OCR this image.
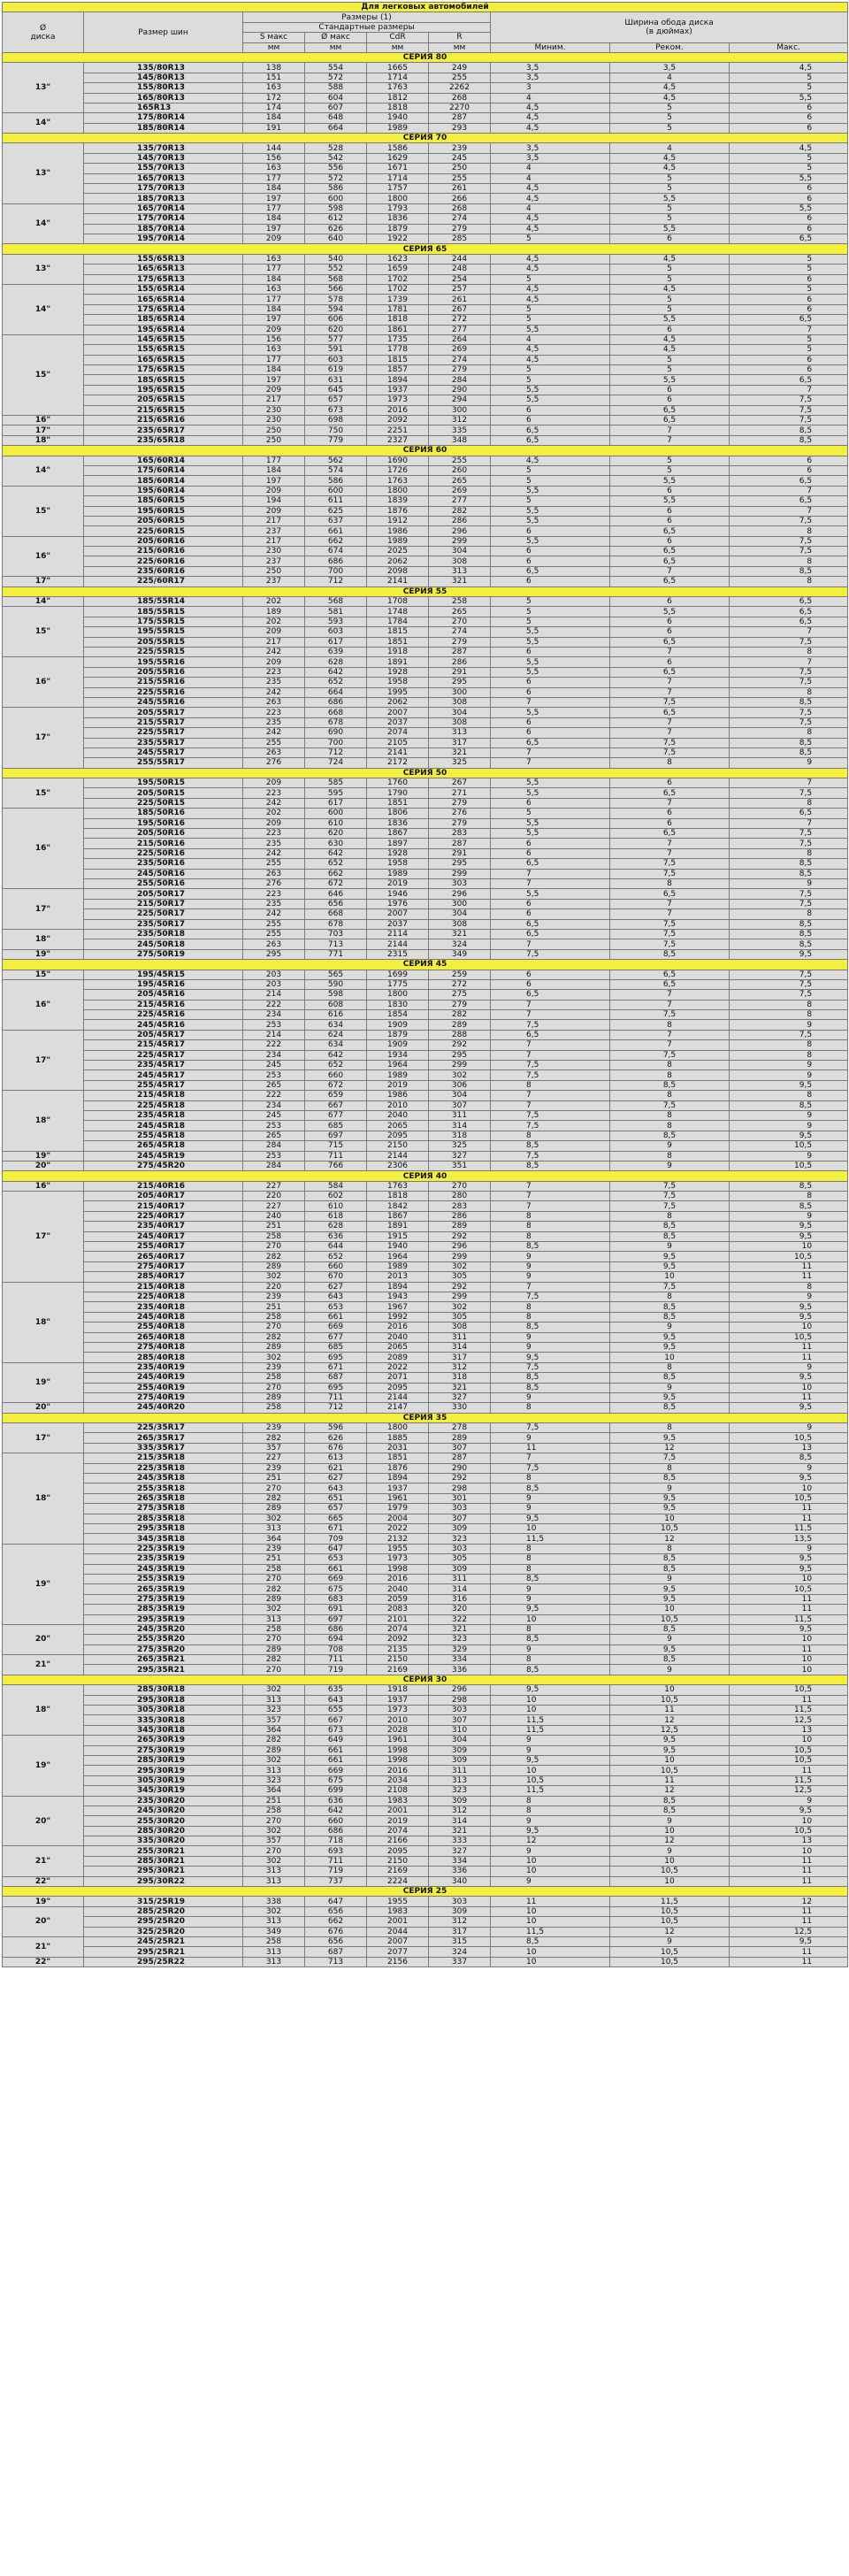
Для легковых автомобилей								
Ø
диска	Размер шин	Размеры (1)				Ширина обода диска
(в дюймах)		
		Стандартные размеры						
		S макс	Ø макс	CdR	R			
		мм	мм	мм	мм	Миним.	Реком.	Макс.
СЕРИЯ 80								
13"	135/80R13	138	554	1665	249	3,5	3,5	4,5
	145/80R13	151	572	1714	255	3,5	4	5
	155/80R13	163	588	1763	2262	3	4,5	5
	165/80R13	172	604	1812	268	4	4,5	5,5
	165R13	174	607	1818	2270	4,5	5	6
14"	175/80R14	184	648	1940	287	4,5	5	6
	185/80R14	191	664	1989	293	4,5	5	6
СЕРИЯ 70								
13"	135/70R13	144	528	1586	239	3,5	4	4,5
	145/70R13	156	542	1629	245	3,5	4,5	5
	155/70R13	163	556	1671	250	4	4,5	5
	165/70R13	177	572	1714	255	4	5	5,5
	175/70R13	184	586	1757	261	4,5	5	6
	185/70R13	197	600	1800	266	4,5	5,5	6
14"	165/70R14	177	598	1793	268	4	5	5,5
	175/70R14	184	612	1836	274	4,5	5	6
	185/70R14	197	626	1879	279	4,5	5,5	6
	195/70R14	209	640	1922	285	5	6	6,5
СЕРИЯ 65								
13"	155/65R13	163	540	1623	244	4,5	4,5	5
	165/65R13	177	552	1659	248	4,5	5	5
	175/65R13	184	568	1702	254	5	5	6
14"	155/65R14	163	566	1702	257	4,5	4,5	5
	165/65R14	177	578	1739	261	4,5	5	6
	175/65R14	184	594	1781	267	5	5	6
	185/65R14	197	606	1818	272	5	5,5	6,5
	195/65R14	209	620	1861	277	5,5	6	7
15"	145/65R15	156	577	1735	264	4	4,5	5
	155/65R15	163	591	1778	269	4,5	4,5	5
	165/65R15	177	603	1815	274	4,5	5	6
	175/65R15	184	619	1857	279	5	5	6
	185/65R15	197	631	1894	284	5	5,5	6,5
	195/65R15	209	645	1937	290	5,5	6	7
	205/65R15	217	657	1973	294	5,5	6	7,5
	215/65R15	230	673	2016	300	6	6,5	7,5
16"	215/65R16	230	698	2092	312	6	6,5	7,5
17"	235/65R17	250	750	2251	335	6,5	7	8,5
18"	235/65R18	250	779	2327	348	6,5	7	8,5
СЕРИЯ 60								
14"	165/60R14	177	562	1690	255	4,5	5	6
	175/60R14	184	574	1726	260	5	5	6
	185/60R14	197	586	1763	265	5	5,5	6,5
15"	195/60R14	209	600	1800	269	5,5	6	7
	185/60R15	194	611	1839	277	5	5,5	6,5
	195/60R15	209	625	1876	282	5,5	6	7
	205/60R15	217	637	1912	286	5,5	6	7,5
	225/60R15	237	661	1986	296	6	6,5	8
16"	205/60R16	217	662	1989	299	5,5	6	7,5
	215/60R16	230	674	2025	304	6	6,5	7,5
	225/60R16	237	686	2062	308	6	6,5	8
	235/60R16	250	700	2098	313	6,5	7	8,5
17"	225/60R17	237	712	2141	321	6	6,5	8
СЕРИЯ 55								
14"	185/55R14	202	568	1708	258	5	6	6,5
15"	185/55R15	189	581	1748	265	5	5,5	6,5
	175/55R15	202	593	1784	270	5	6	6,5
	195/55R15	209	603	1815	274	5,5	6	7
	205/55R15	217	617	1851	279	5,5	6,5	7,5
	225/55R15	242	639	1918	287	6	7	8
16"	195/55R16	209	628	1891	286	5,5	6	7
	205/55R16	223	642	1928	291	5,5	6,5	7,5
	215/55R16	235	652	1958	295	6	7	7,5
	225/55R16	242	664	1995	300	6	7	8
	245/55R16	263	686	2062	308	7	7,5	8,5
17"	205/55R17	223	668	2007	304	5,5	6,5	7,5
	215/55R17	235	678	2037	308	6	7	7,5
	225/55R17	242	690	2074	313	6	7	8
	235/55R17	255	700	2105	317	6,5	7,5	8,5
	245/55R17	263	712	2141	321	7	7,5	8,5
	255/55R17	276	724	2172	325	7	8	9
СЕРИЯ 50								
15"	195/50R15	209	585	1760	267	5,5	6	7
	205/50R15	223	595	1790	271	5,5	6,5	7,5
	225/50R15	242	617	1851	279	6	7	8
16"	185/50R16	202	600	1806	276	5	6	6,5
	195/50R16	209	610	1836	279	5,5	6	7
	205/50R16	223	620	1867	283	5,5	6,5	7,5
	215/50R16	235	630	1897	287	6	7	7,5
	225/50R16	242	642	1928	291	6	7	8
	235/50R16	255	652	1958	295	6,5	7,5	8,5
	245/50R16	263	662	1989	299	7	7,5	8,5
	255/50R16	276	672	2019	303	7	8	9
17"	205/50R17	223	646	1946	296	5,5	6,5	7,5
	215/50R17	235	656	1976	300	6	7	7,5
	225/50R17	242	668	2007	304	6	7	8
	235/50R17	255	678	2037	308	6,5	7,5	8,5
18"	235/50R18	255	703	2114	321	6,5	7,5	8,5
	245/50R18	263	713	2144	324	7	7,5	8,5
19"	275/50R19	295	771	2315	349	7,5	8,5	9,5
СЕРИЯ 45								
15"	195/45R15	203	565	1699	259	6	6,5	7,5
16"	195/45R16	203	590	1775	272	6	6,5	7,5
	205/45R16	214	598	1800	275	6,5	7	7,5
	215/45R16	222	608	1830	279	7	7	8
	225/45R16	234	616	1854	282	7	7,5	8
	245/45R16	253	634	1909	289	7,5	8	9
17"	205/45R17	214	624	1879	288	6,5	7	7,5
	215/45R17	222	634	1909	292	7	7	8
	225/45R17	234	642	1934	295	7	7,5	8
	235/45R17	245	652	1964	299	7,5	8	9
	245/45R17	253	660	1989	302	7,5	8	9
	255/45R17	265	672	2019	306	8	8,5	9,5
18"	215/45R18	222	659	1986	304	7	8	8
	225/45R18	234	667	2010	307	7	7,5	8,5
	235/45R18	245	677	2040	311	7,5	8	9
	245/45R18	253	685	2065	314	7,5	8	9
	255/45R18	265	697	2095	318	8	8,5	9,5
	265/45R18	284	715	2150	325	8,5	9	10,5
19"	245/45R19	253	711	2144	327	7,5	8	9
20"	275/45R20	284	766	2306	351	8,5	9	10,5
СЕРИЯ 40								
16"	215/40R16	227	584	1763	270	7	7,5	8,5
17"	205/40R17	220	602	1818	280	7	7,5	8
	215/40R17	227	610	1842	283	7	7,5	8,5
	225/40R17	240	618	1867	286	8	8	9
	235/40R17	251	628	1891	289	8	8,5	9,5
	245/40R17	258	636	1915	292	8	8,5	9,5
	255/40R17	270	644	1940	296	8,5	9	10
	265/40R17	282	652	1964	299	9	9,5	10,5
	275/40R17	289	660	1989	302	9	9,5	11
	285/40R17	302	670	2013	305	9	10	11
18"	215/40R18	220	627	1894	292	7	7,5	8
	225/40R18	239	643	1943	299	7,5	8	9
	235/40R18	251	653	1967	302	8	8,5	9,5
	245/40R18	258	661	1992	305	8	8,5	9,5
	255/40R18	270	669	2016	308	8,5	9	10
	265/40R18	282	677	2040	311	9	9,5	10,5
	275/40R18	289	685	2065	314	9	9,5	11
	285/40R18	302	695	2089	317	9,5	10	11
19"	235/40R19	239	671	2022	312	7,5	8	9
	245/40R19	258	687	2071	318	8,5	8,5	9,5
	255/40R19	270	695	2095	321	8,5	9	10
	275/40R19	289	711	2144	327	9	9,5	11
20"	245/40R20	258	712	2147	330	8	8,5	9,5
СЕРИЯ 35								
17"	225/35R17	239	596	1800	278	7,5	8	9
	265/35R17	282	626	1885	289	9	9,5	10,5
	335/35R17	357	676	2031	307	11	12	13
18"	215/35R18	227	613	1851	287	7	7,5	8,5
	225/35R18	239	621	1876	290	7,5	8	9
	245/35R18	251	627	1894	292	8	8,5	9,5
	255/35R18	270	643	1937	298	8,5	9	10
	265/35R18	282	651	1961	301	9	9,5	10,5
	275/35R18	289	657	1979	303	9	9,5	11
	285/35R18	302	665	2004	307	9,5	10	11
	295/35R18	313	671	2022	309	10	10,5	11,5
	345/35R18	364	709	2132	323	11,5	12	13,5
19"	225/35R19	239	647	1955	303	8	8	9
	235/35R19	251	653	1973	305	8	8,5	9,5
	245/35R19	258	661	1998	309	8	8,5	9,5
	255/35R19	270	669	2016	311	8,5	9	10
	265/35R19	282	675	2040	314	9	9,5	10,5
	275/35R19	289	683	2059	316	9	9,5	11
	285/35R19	302	691	2083	320	9,5	10	11
	295/35R19	313	697	2101	322	10	10,5	11,5
20"	245/35R20	258	686	2074	321	8	8,5	9,5
	255/35R20	270	694	2092	323	8,5	9	10
	275/35R20	289	708	2135	329	9	9,5	11
21"	265/35R21	282	711	2150	334	8	8,5	10
	295/35R21	270	719	2169	336	8,5	9	10
СЕРИЯ 30								
18"	285/30R18	302	635	1918	296	9,5	10	10,5
	295/30R18	313	643	1937	298	10	10,5	11
	305/30R18	323	655	1973	303	10	11	11,5
	335/30R18	357	667	2010	307	11,5	12	12,5
	345/30R18	364	673	2028	310	11,5	12,5	13
19"	265/30R19	282	649	1961	304	9	9,5	10
	275/30R19	289	661	1998	309	9	9,5	10,5
	285/30R19	302	661	1998	309	9,5	10	10,5
	295/30R19	313	669	2016	311	10	10,5	11
	305/30R19	323	675	2034	313	10,5	11	11,5
	345/30R19	364	699	2108	323	11,5	12	12,5
20"	235/30R20	251	636	1983	309	8	8,5	9
	245/30R20	258	642	2001	312	8	8,5	9,5
	255/30R20	270	660	2019	314	9	9	10
	285/30R20	302	686	2074	321	9,5	10	10,5
	335/30R20	357	718	2166	333	12	12	13
21"	255/30R21	270	693	2095	327	9	9	10
	285/30R21	302	711	2150	334	10	10	11
	295/30R21	313	719	2169	336	10	10,5	11
22"	295/30R22	313	737	2224	340	9	10	11
СЕРИЯ 25								
19"	315/25R19	338	647	1955	303	11	11,5	12
20"	285/25R20	302	656	1983	309	10	10,5	11
	295/25R20	313	662	2001	312	10	10,5	11
	325/25R20	349	676	2044	317	11,5	12	12,5
21"	245/25R21	258	656	2007	315	8,5	9	9,5
	295/25R21	313	687	2077	324	10	10,5	11
22"	295/25R22	313	713	2156	337	10	10,5	11
